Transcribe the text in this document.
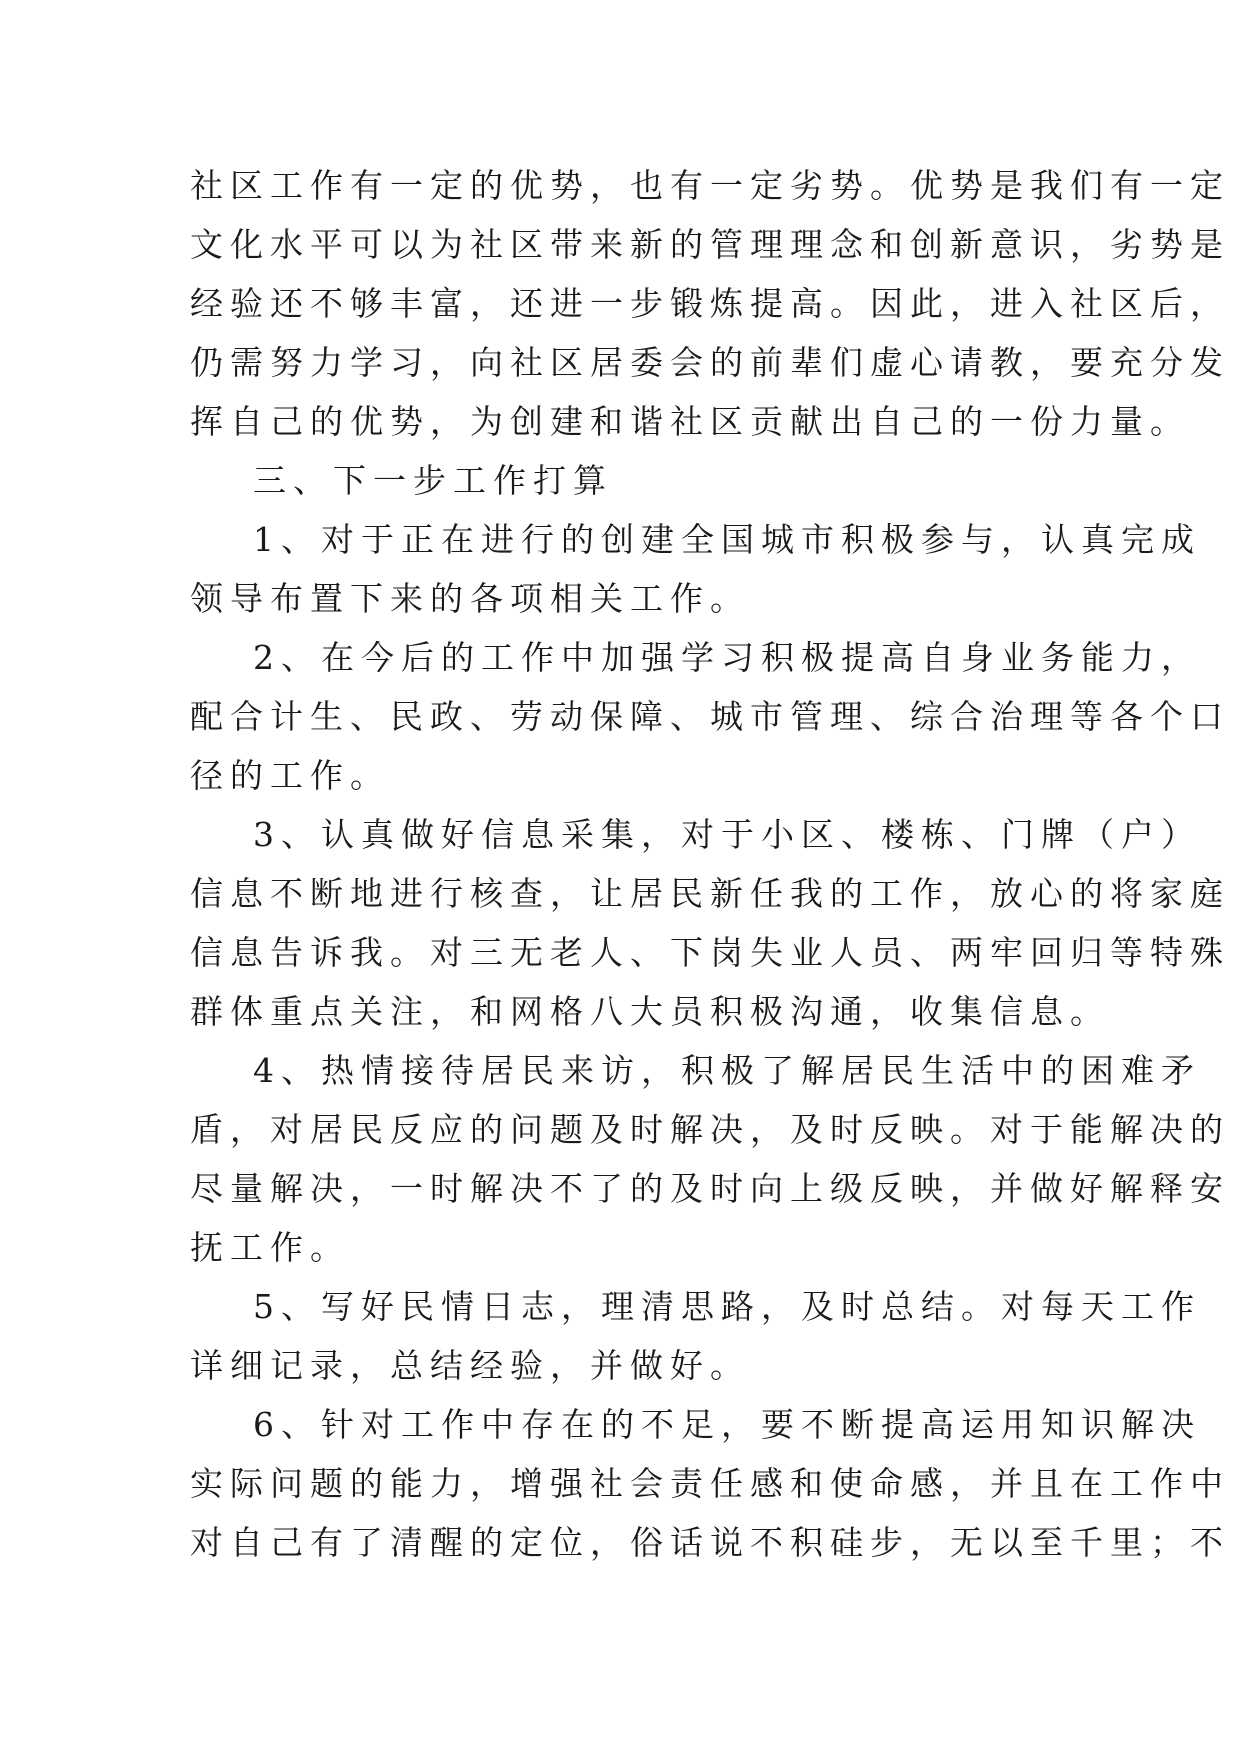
社区工作有一定的优势，也有一定劣势。优势是我们有一定
文化水平可以为社区带来新的管理理念和创新意识，劣势是
经验还不够丰富，还进一步锻炼提高。因此，进入社区后，
仍需努力学习，向社区居委会的前辈们虚心请教，要充分发
挥自己的优势，为创建和谐社区贡献出自己的一份力量。
三、下一步工作打算
1、对于正在进行的创建全国城市积极参与，认真完成
领导布置下来的各项相关工作。
2、在今后的工作中加强学习积极提高自身业务能力，
配合计生、民政、劳动保障、城市管理、综合治理等各个口
径的工作。
3、认真做好信息采集，对于小区、楼栋、门牌（户）
信息不断地进行核查，让居民新任我的工作，放心的将家庭
信息告诉我。对三无老人、下岗失业人员、两牢回归等特殊
群体重点关注，和网格八大员积极沟通，收集信息。
4、热情接待居民来访，积极了解居民生活中的困难矛
盾，对居民反应的问题及时解决，及时反映。对于能解决的
尽量解决，一时解决不了的及时向上级反映，并做好解释安
抚工作。
5、写好民情日志，理清思路，及时总结。对每天工作
详细记录，总结经验，并做好。
6、针对工作中存在的不足，要不断提高运用知识解决
实际问题的能力，增强社会责任感和使命感，并且在工作中
对自己有了清醒的定位，俗话说不积硅步，无以至千里；不
